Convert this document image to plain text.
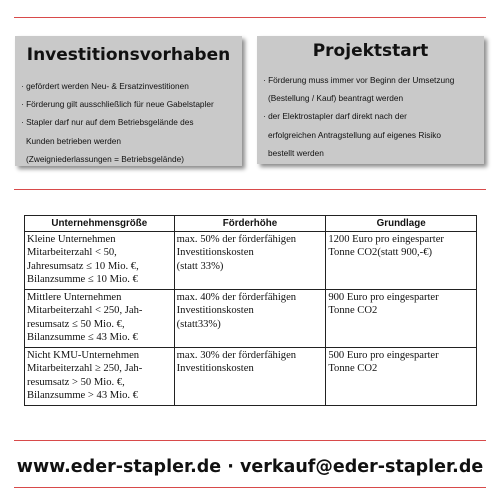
Investitionsvorhaben
· gefördert werden Neu- & Ersatzinvestitionen
· Förderung gilt ausschließlich für neue Gabelstapler
· Stapler darf nur auf dem Betriebsgelände des
Kunden betrieben werden
(Zweigniederlassungen = Betriebsgelände)
Projektstart
· Förderung muss immer vor Beginn der Umsetzung
(Bestellung / Kauf) beantragt werden
· der Elektrostapler darf direkt nach der
erfolgreichen Antragstellung auf eigenes Risiko
bestellt werden
Unternehmensgröße	Förderhöhe	Grundlage

Kleine Unternehmen
Mitarbeiterzahl < 50,
Jahresumsatz ≤ 10 Mio. €,
Bilanzsumme ≤ 10 Mio. €	max. 50% der förderfähigen
Investitionskosten
(statt 33%)	1200 Euro pro eingesparter
Tonne CO2(statt 900,-€)

Mittlere Unternehmen
Mitarbeiterzahl < 250, Jah-
resumsatz ≤ 50 Mio. €,
Bilanzsumme ≤ 43 Mio. €	max. 40% der förderfähigen
Investitionskosten
(statt33%)	900 Euro pro eingesparter
Tonne CO2

Nicht KMU-Unternehmen
Mitarbeiterzahl ≥ 250, Jah-
resumsatz > 50 Mio. €,
Bilanzsumme > 43 Mio. €	max. 30% der förderfähigen
Investitionskosten	500 Euro pro eingesparter
Tonne CO2
www.eder-stapler.de · verkauf@eder-stapler.de
